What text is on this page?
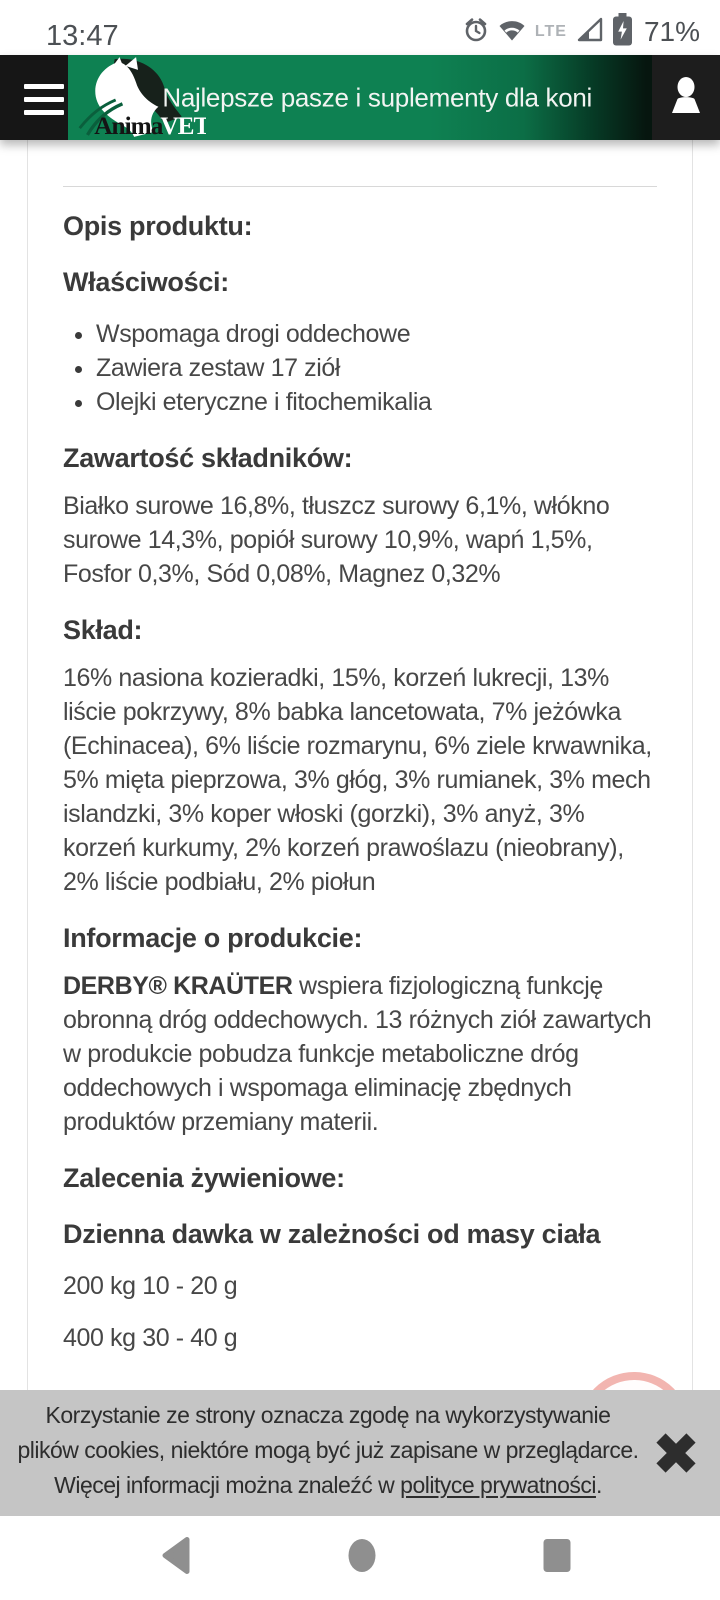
13:47	LTE	71%
Anima
VET
Najlepsze pasze i suplementy dla koni
Opis produktu:
Właściwości:
• Wspomaga drogi oddechowe
• Zawiera zestaw 17 ziół
• Olejki eteryczne i fitochemikalia
Zawartość składników:

Białko surowe 16,8%, tłuszcz surowy 6,1%, włókno surowe 14,3%, popiół surowy 10,9%, wapń 1,5%, Fosfor 0,3%, Sód 0,08%, Magnez 0,32%

Skład:

16% nasiona kozieradki, 15%, korzeń lukrecji, 13% liście pokrzywy, 8% babka lancetowata, 7% jeżówka (Echinacea), 6% liście rozmarynu, 6% ziele krwawnika, 5% mięta pieprzowa, 3% głóg, 3% rumianek, 3% mech islandzki, 3% koper włoski (gorzki), 3% anyż, 3% korzeń kurkumy, 2% korzeń prawoślazu (nieobrany), 2% liście podbiału, 2% piołun

Informacje o produkcie:

DERBY® KRAÜTER wspiera fizjologiczną funkcję obronną dróg oddechowych. 13 różnych ziół zawartych w produkcie pobudza funkcje metaboliczne dróg oddechowych i wspomaga eliminację zbędnych produktów przemiany materii.

Zalecenia żywieniowe:
Dzienna dawka w zależności od masy ciała

200 kg 10 - 20 g

400 kg 30 - 40 g

Korzystanie ze strony oznacza zgodę na wykorzystywanie
plików cookies, niektóre mogą być już zapisane w przeglądarce.
Więcej informacji można znaleźć w polityce prywatności.
